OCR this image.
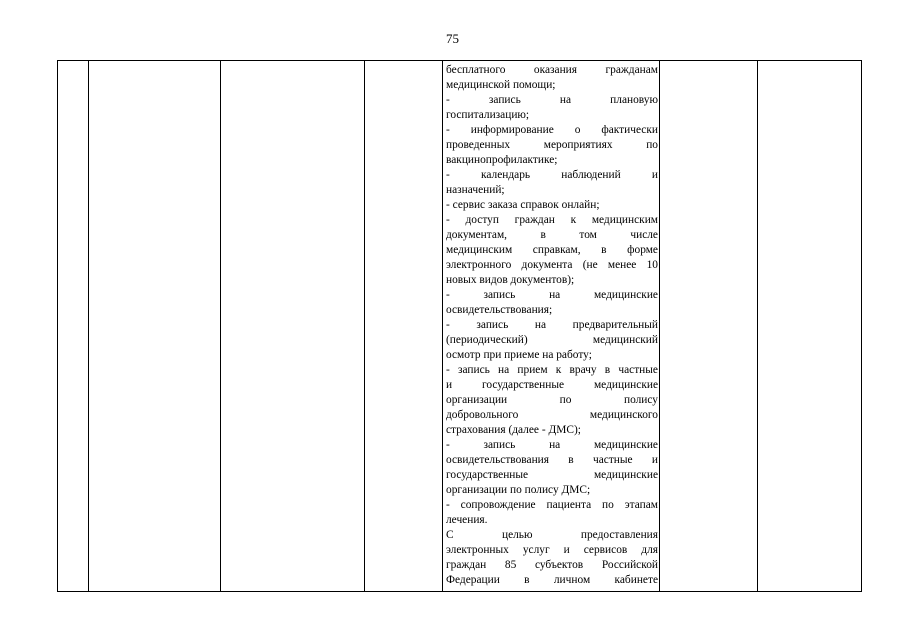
75

бесплатного оказания гражданам
медицинской помощи;
- запись на плановую
госпитализацию;
- информирование о фактически
проведенных мероприятиях по
вакцинопрофилактике;
- календарь наблюдений и
назначений;
- сервис заказа справок онлайн;
- доступ граждан к медицинским
документам, в том числе
медицинским справкам, в форме
электронного документа (не менее 10
новых видов документов);
- запись на медицинские
освидетельствования;
- запись на предварительный
(периодический) медицинский
осмотр при приеме на работу;
- запись на прием к врачу в частные
и государственные медицинские
организации по полису
добровольного медицинского
страхования (далее - ДМС);
- запись на медицинские
освидетельствования в частные и
государственные медицинские
организации по полису ДМС;
- сопровождение пациента по этапам
лечения.
С целью предоставления
электронных услуг и сервисов для
граждан 85 субъектов Российской
Федерации в личном кабинете
